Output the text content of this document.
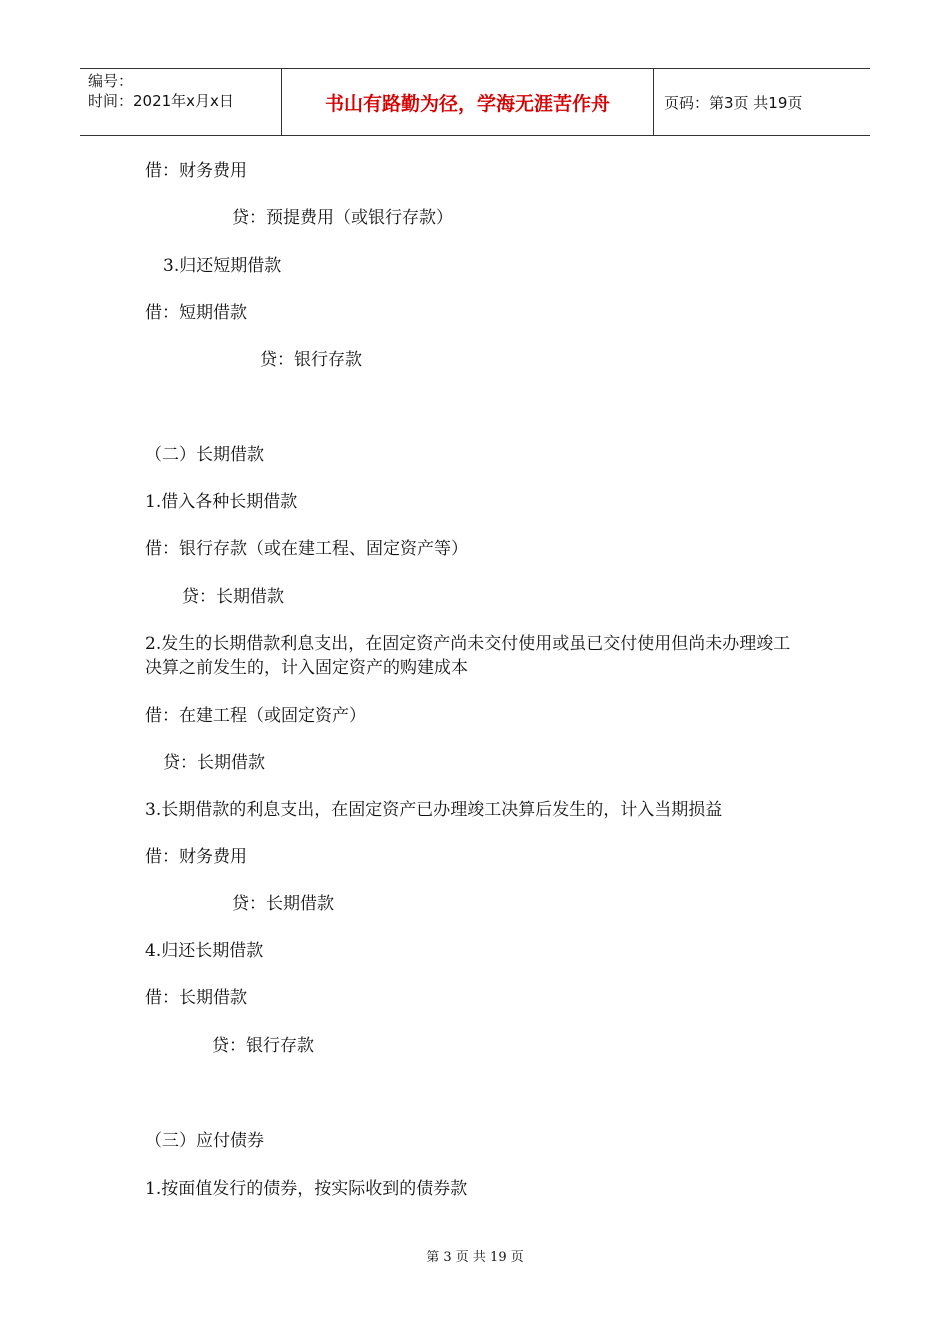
编号：
时间：2021年x月x日	书山有路勤为径，学海无涯苦作舟	页码：第3页 共19页
借：财务费用
贷：预提费用（或银行存款）
3.归还短期借款
借：短期借款
贷：银行存款
（二）长期借款
1.借入各种长期借款
借：银行存款（或在建工程、固定资产等）
贷：长期借款
2.发生的长期借款利息支出，在固定资产尚未交付使用或虽已交付使用但尚未办理竣工决算之前发生的，计入固定资产的购建成本
借：在建工程（或固定资产）
贷：长期借款
3.长期借款的利息支出，在固定资产已办理竣工决算后发生的，计入当期损益
借：财务费用
贷：长期借款
4.归还长期借款
借：长期借款
贷：银行存款
（三）应付债券
1.按面值发行的债券，按实际收到的债券款
第 3 页 共 19 页
